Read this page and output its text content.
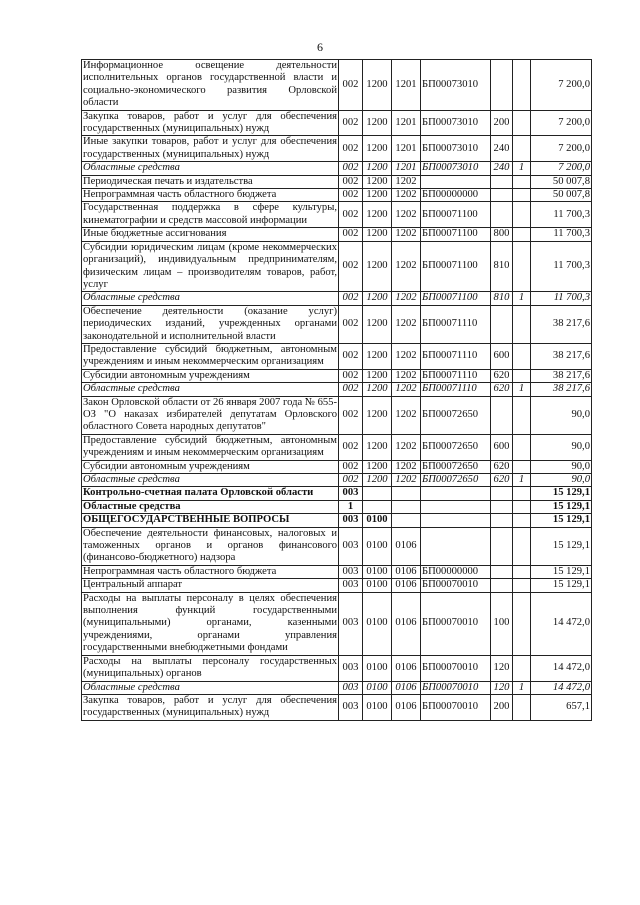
6
Информационное освещение деятельности исполнительных органов государственной власти и социально-экономического развития Орловской области	002	1200	1201	БП00073010			7 200,0
Закупка товаров, работ и услуг для обеспечения государственных (муниципальных) нужд	002	1200	1201	БП00073010	200		7 200,0
Иные закупки товаров, работ и услуг для обеспечения государственных (муниципальных) нужд	002	1200	1201	БП00073010	240		7 200,0
Областные средства	002	1200	1201	БП00073010	240	1	7 200,0
Периодическая печать и издательства	002	1200	1202				50 007,8
Непрограммная часть областного бюджета	002	1200	1202	БП00000000			50 007,8
Государственная поддержка в сфере культуры, кинематографии и средств массовой информации	002	1200	1202	БП00071100			11 700,3
Иные бюджетные ассигнования	002	1200	1202	БП00071100	800		11 700,3
Субсидии юридическим лицам (кроме некоммерческих организаций), индивидуальным предпринимателям, физическим лицам – производителям товаров, работ, услуг	002	1200	1202	БП00071100	810		11 700,3
Областные средства	002	1200	1202	БП00071100	810	1	11 700,3
Обеспечение деятельности (оказание услуг) периодических изданий, учрежденных органами законодательной и исполнительной власти	002	1200	1202	БП00071110			38 217,6
Предоставление субсидий бюджетным, автономным учреждениям и иным некоммерческим организациям	002	1200	1202	БП00071110	600		38 217,6
Субсидии автономным учреждениям	002	1200	1202	БП00071110	620		38 217,6
Областные средства	002	1200	1202	БП00071110	620	1	38 217,6
Закон Орловской области от 26 января 2007 года № 655-ОЗ "О наказах избирателей депутатам Орловского областного Совета народных депутатов"	002	1200	1202	БП00072650			90,0
Предоставление субсидий бюджетным, автономным учреждениям и иным некоммерческим организациям	002	1200	1202	БП00072650	600		90,0
Субсидии автономным учреждениям	002	1200	1202	БП00072650	620		90,0
Областные средства	002	1200	1202	БП00072650	620	1	90,0
Контрольно-счетная палата Орловской области	003						15 129,1
Областные средства	1						15 129,1
ОБЩЕГОСУДАРСТВЕННЫЕ ВОПРОСЫ	003	0100					15 129,1
Обеспечение деятельности финансовых, налоговых и таможенных органов и органов финансового (финансово-бюджетного) надзора	003	0100	0106				15 129,1
Непрограммная часть областного бюджета	003	0100	0106	БП00000000			15 129,1
Центральный аппарат	003	0100	0106	БП00070010			15 129,1
Расходы на выплаты персоналу в целях обеспечения выполнения функций государственными (муниципальными) органами, казенными учреждениями, органами управления государственными внебюджетными фондами	003	0100	0106	БП00070010	100		14 472,0
Расходы на выплаты персоналу государственных (муниципальных) органов	003	0100	0106	БП00070010	120		14 472,0
Областные средства	003	0100	0106	БП00070010	120	1	14 472,0
Закупка товаров, работ и услуг для обеспечения государственных (муниципальных) нужд	003	0100	0106	БП00070010	200		657,1
